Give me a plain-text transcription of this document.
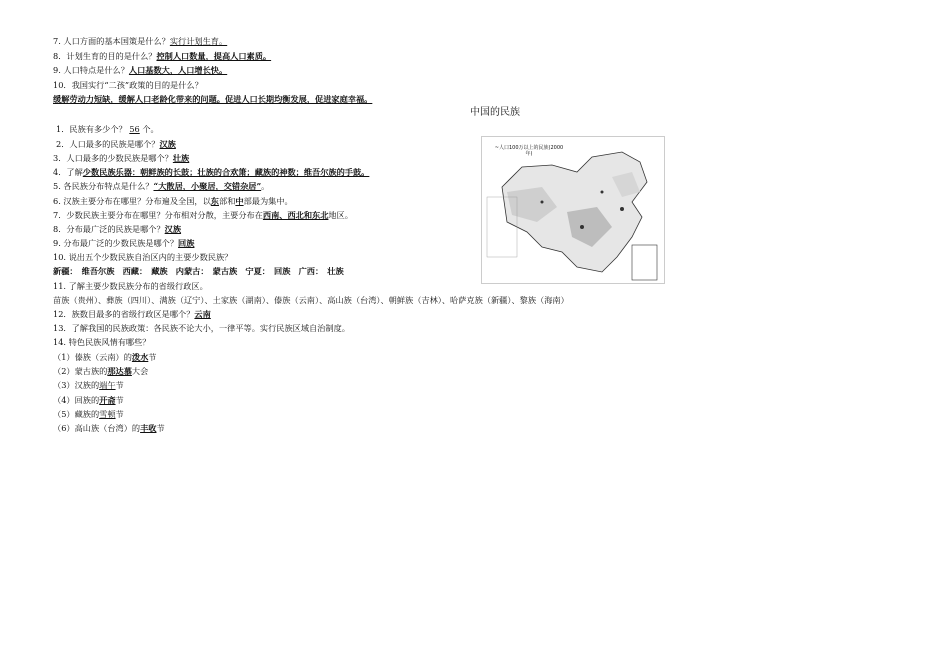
7. 人口方面的基本国策是什么？实行计划生育。
8．计划生育的目的是什么？控制人口数量，提高人口素质。
9. 人口特点是什么？人口基数大，人口增长快。
10．我国实行“二孩”政策的目的是什么？
缓解劳动力短缺，缓解人口老龄化带来的问题。促进人口长期均衡发展，促进家庭幸福。
中国的民族
~人口100万以上的民族(2000年)
1．民族有多少个？ 56 个。
2．人口最多的民族是哪个？汉族
3．人口最多的少数民族是哪个？壮族
4．了解少数民族乐器：朝鲜族的长鼓；壮族的合欢箫；藏族的神数；维吾尔族的手鼓。
5. 各民族分布特点是什么？“大散居，小聚居，交错杂居”。
6. 汉族主要分布在哪里？分布遍及全国，以东部和中部最为集中。
7．少数民族主要分布在哪里？分布相对分散，主要分布在西南、西北和东北地区。
8．分布最广泛的民族是哪个？汉族
9. 分布最广泛的少数民族是哪个？回族
10. 说出五个少数民族自治区内的主要少数民族？
新疆：　维吾尔族　西藏：　藏族　内蒙古：　蒙古族　宁夏：　回族　广西：　壮族
11. 了解主要少数民族分布的省级行政区。
苗族（贵州）、彝族（四川）、满族（辽宁）、土家族（湖南）、傣族（云南）、高山族（台湾）、朝鲜族（吉林）、哈萨克族（新疆）、黎族（海南）
12．族数目最多的省级行政区是哪个？云南
13．了解我国的民族政策：各民族不论大小，一律平等。实行民族区域自治制度。
14. 特色民族风情有哪些？
（1）傣族（云南）的泼水节
（2）蒙古族的那达慕大会
（3）汉族的端午节
（4）回族的开斋节
（5）藏族的雪顿节
（6）高山族（台湾）的丰收节
